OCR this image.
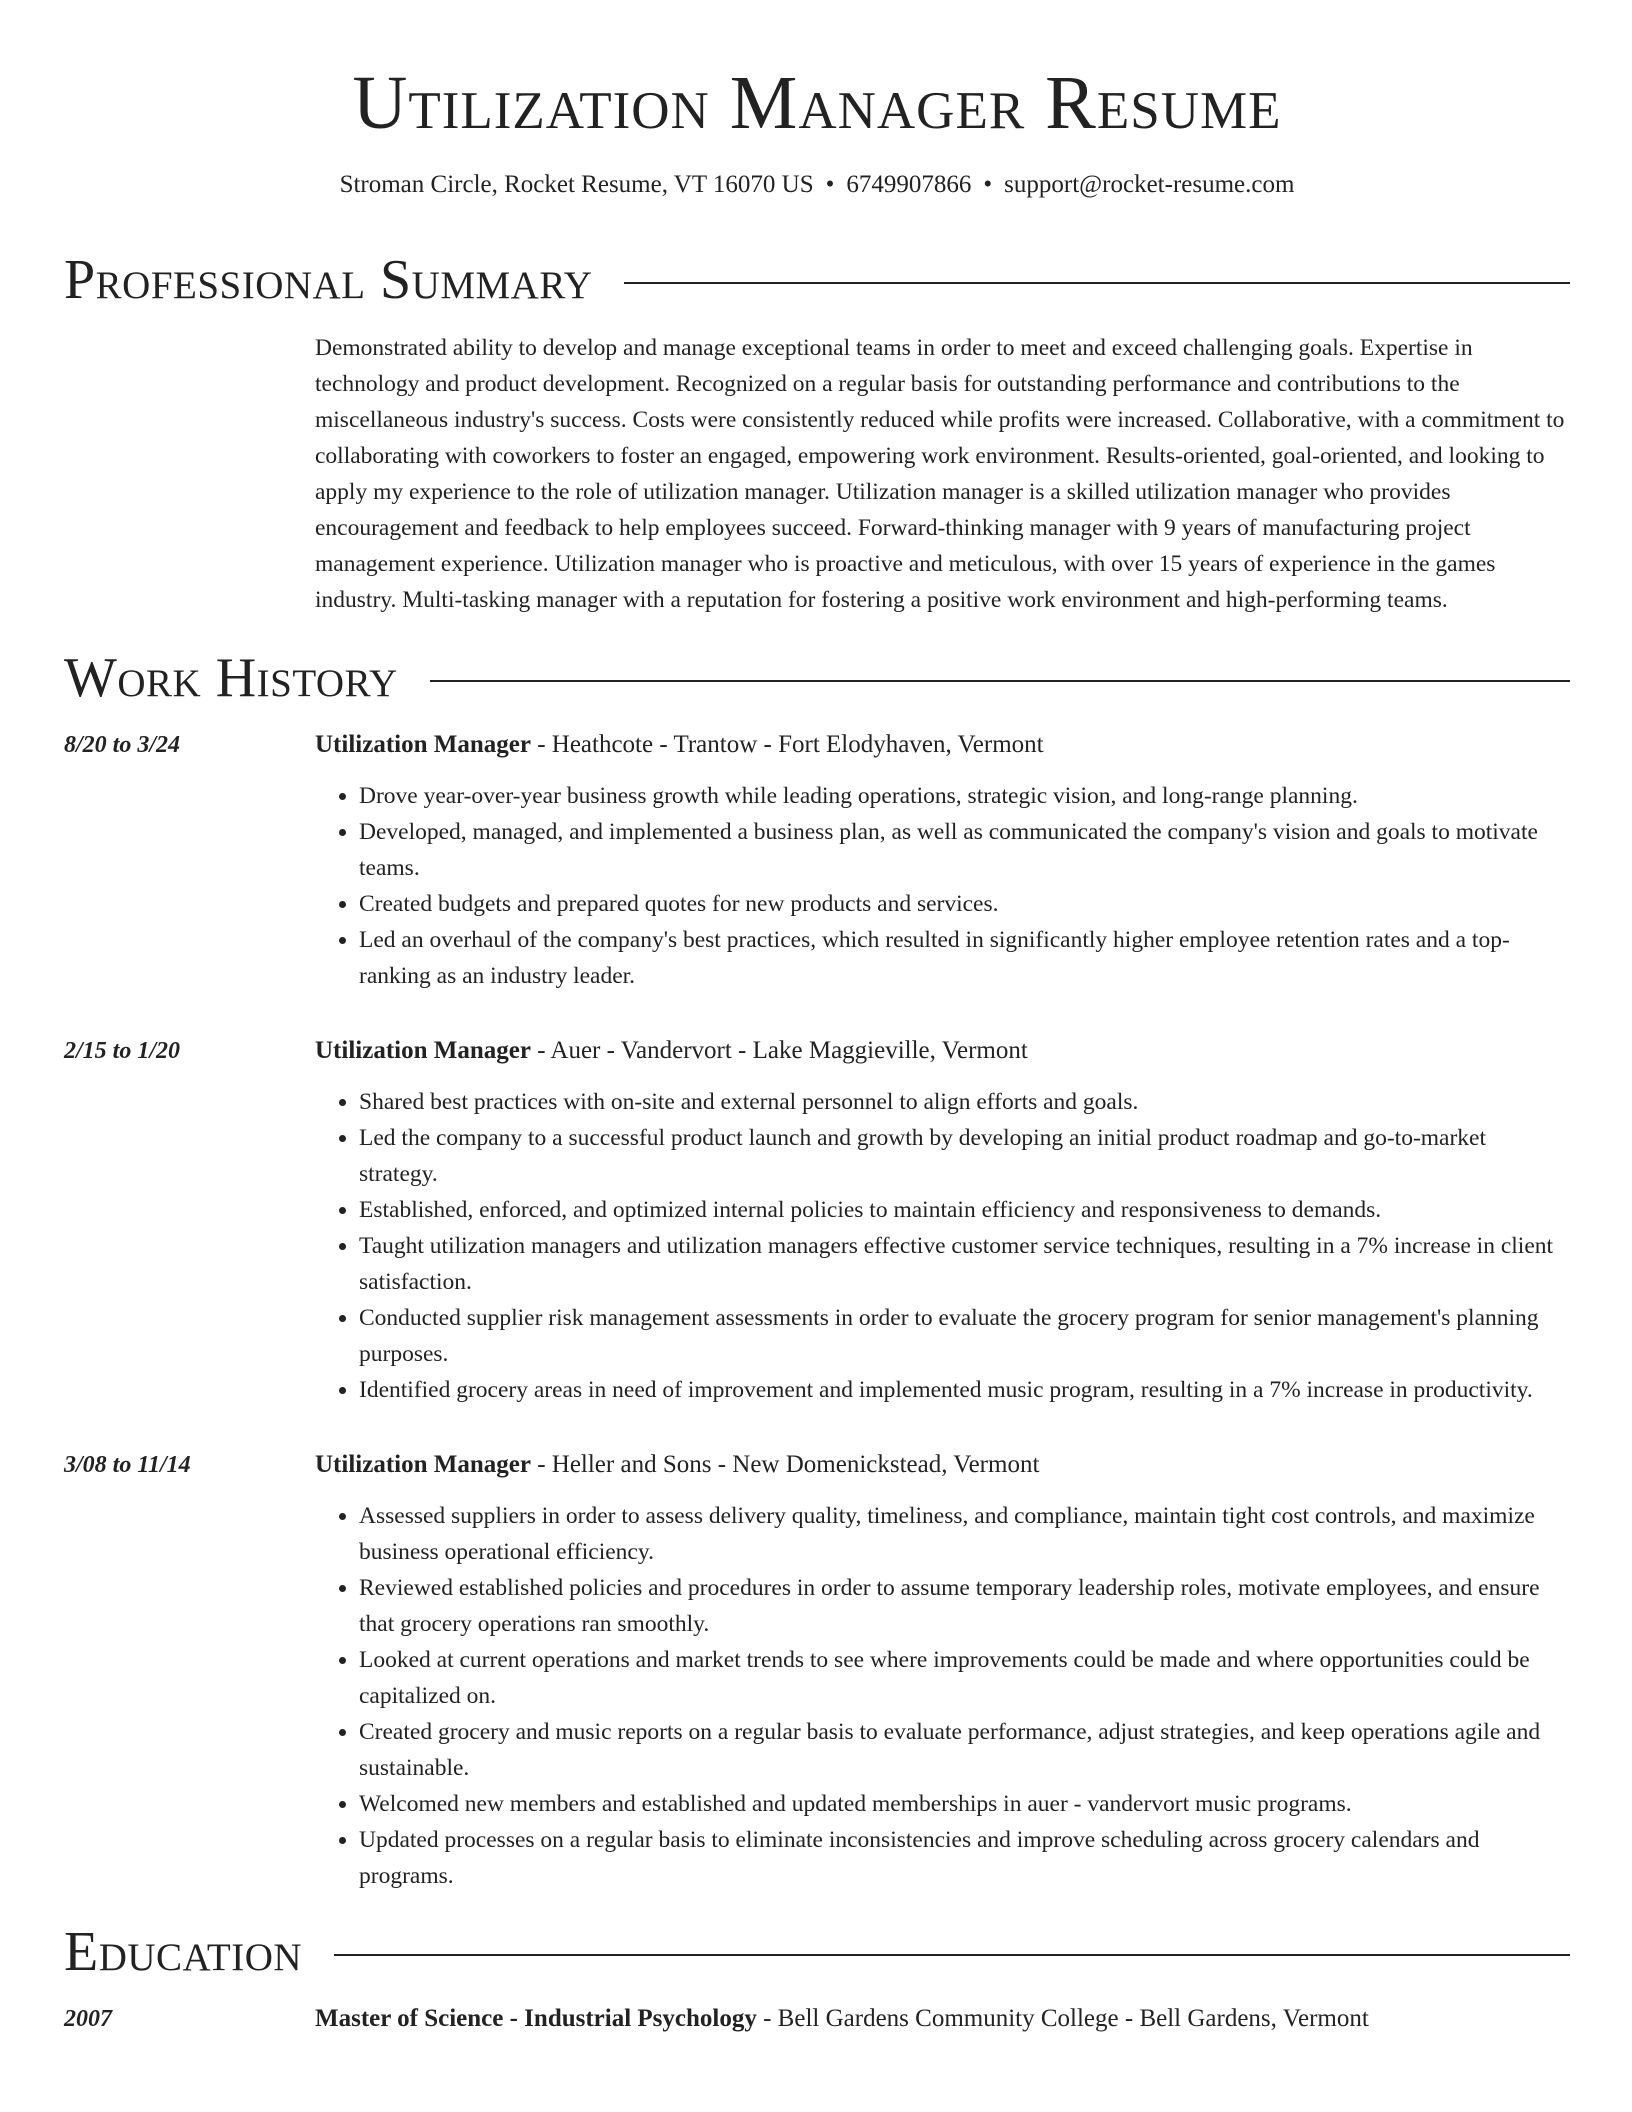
Utilization Manager Resume
Stroman Circle, Rocket Resume, VT 16070 US • 6749907866 • support@rocket-resume.com
Professional Summary
Demonstrated ability to develop and manage exceptional teams in order to meet and exceed challenging goals. Expertise in technology and product development. Recognized on a regular basis for outstanding performance and contributions to the miscellaneous industry's success. Costs were consistently reduced while profits were increased. Collaborative, with a commitment to collaborating with coworkers to foster an engaged, empowering work environment. Results-oriented, goal-oriented, and looking to apply my experience to the role of utilization manager. Utilization manager is a skilled utilization manager who provides encouragement and feedback to help employees succeed. Forward-thinking manager with 9 years of manufacturing project management experience. Utilization manager who is proactive and meticulous, with over 15 years of experience in the games industry. Multi-tasking manager with a reputation for fostering a positive work environment and high-performing teams.
Work History
8/20 to 3/24	Utilization Manager - Heathcote - Trantow - Fort Elodyhaven, Vermont
• Drove year-over-year business growth while leading operations, strategic vision, and long-range planning.
• Developed, managed, and implemented a business plan, as well as communicated the company's vision and goals to motivate teams.
• Created budgets and prepared quotes for new products and services.
• Led an overhaul of the company's best practices, which resulted in significantly higher employee retention rates and a top-ranking as an industry leader.
2/15 to 1/20	Utilization Manager - Auer - Vandervort - Lake Maggieville, Vermont
• Shared best practices with on-site and external personnel to align efforts and goals.
• Led the company to a successful product launch and growth by developing an initial product roadmap and go-to-market strategy.
• Established, enforced, and optimized internal policies to maintain efficiency and responsiveness to demands.
• Taught utilization managers and utilization managers effective customer service techniques, resulting in a 7% increase in client satisfaction.
• Conducted supplier risk management assessments in order to evaluate the grocery program for senior management's planning purposes.
• Identified grocery areas in need of improvement and implemented music program, resulting in a 7% increase in productivity.
3/08 to 11/14	Utilization Manager - Heller and Sons - New Domenickstead, Vermont
• Assessed suppliers in order to assess delivery quality, timeliness, and compliance, maintain tight cost controls, and maximize business operational efficiency.
• Reviewed established policies and procedures in order to assume temporary leadership roles, motivate employees, and ensure that grocery operations ran smoothly.
• Looked at current operations and market trends to see where improvements could be made and where opportunities could be capitalized on.
• Created grocery and music reports on a regular basis to evaluate performance, adjust strategies, and keep operations agile and sustainable.
• Welcomed new members and established and updated memberships in auer - vandervort music programs.
• Updated processes on a regular basis to eliminate inconsistencies and improve scheduling across grocery calendars and programs.
Education
2007	Master of Science - Industrial Psychology - Bell Gardens Community College - Bell Gardens, Vermont
